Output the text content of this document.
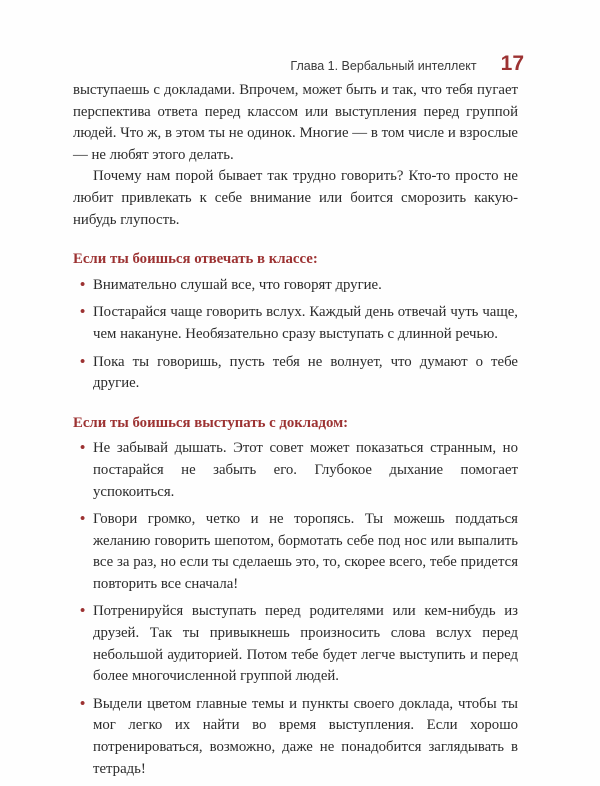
Глава 1. Вербальный интеллект 17

выступаешь с докладами. Впрочем, может быть и так, что тебя пугает перспектива ответа перед классом или выступления перед группой людей. Что ж, в этом ты не одинок. Многие — в том числе и взрослые — не любят этого делать.

Почему нам порой бывает так трудно говорить? Кто-то просто не любит привлекать к себе внимание или боится сморозить какую-нибудь глупость.

Если ты боишься отвечать в классе:

• Внимательно слушай все, что говорят другие.
• Постарайся чаще говорить вслух. Каждый день отвечай чуть чаще, чем накануне. Необязательно сразу выступать с длинной речью.
• Пока ты говоришь, пусть тебя не волнует, что думают о тебе другие.

Если ты боишься выступать с докладом:

• Не забывай дышать. Этот совет может показаться странным, но постарайся не забыть его. Глубокое дыхание помогает успокоиться.
• Говори громко, четко и не торопясь. Ты можешь поддаться желанию говорить шепотом, бормотать себе под нос или выпалить все за раз, но если ты сделаешь это, то, скорее всего, тебе придется повторить все сначала!
• Потренируйся выступать перед родителями или кем-нибудь из друзей. Так ты привыкнешь произносить слова вслух перед небольшой аудиторией. Потом тебе будет легче выступить и перед более многочисленной группой людей.
• Выдели цветом главные темы и пункты своего доклада, чтобы ты мог легко их найти во время выступления. Если хорошо потренироваться, возможно, даже не понадобится заглядывать в тетрадь!
